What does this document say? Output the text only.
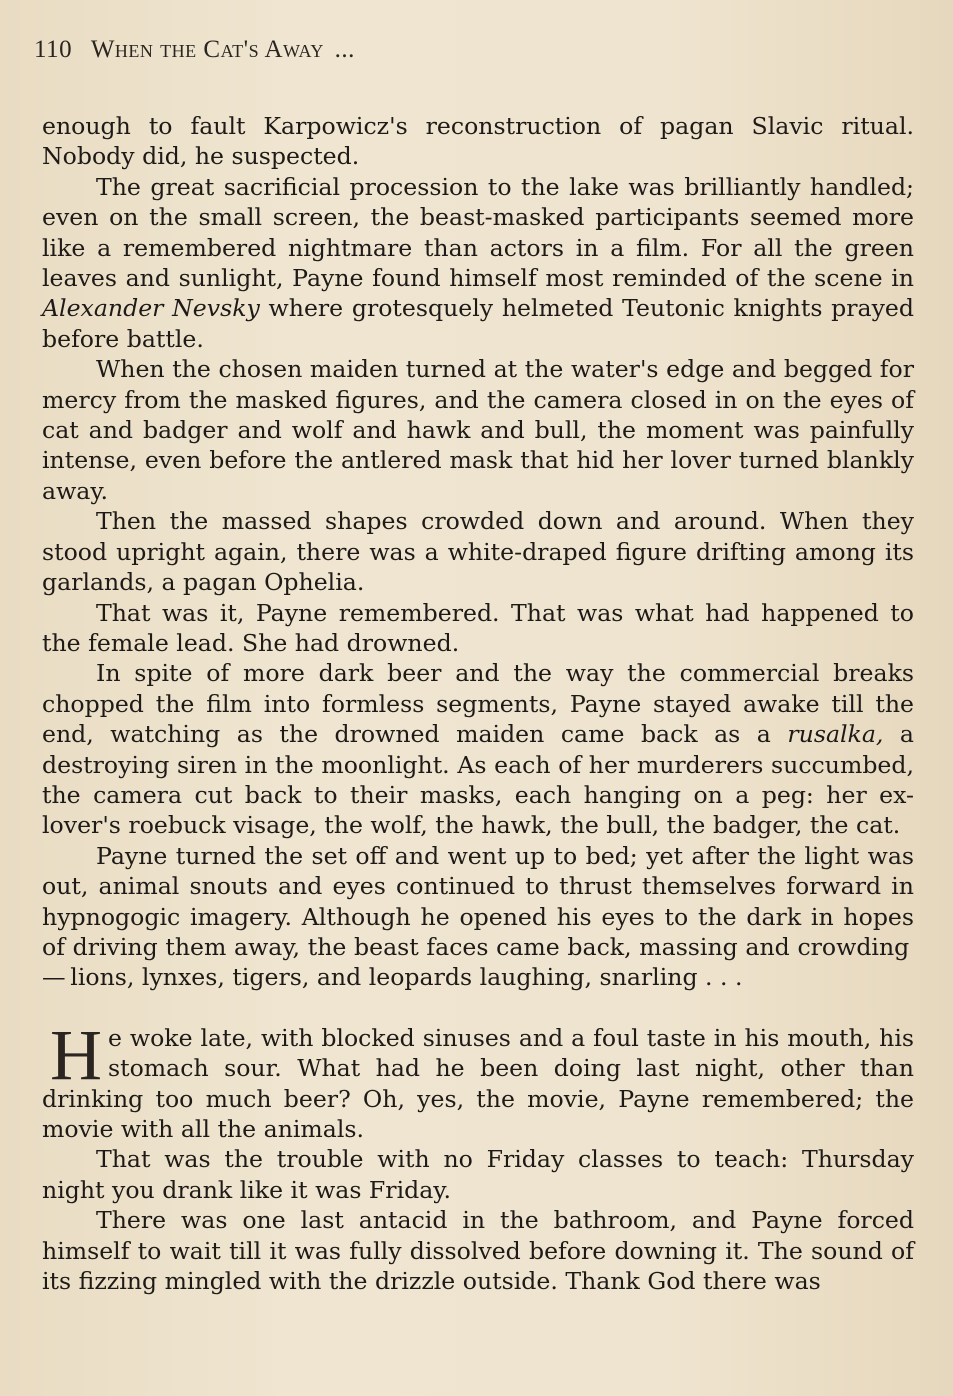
110 When the Cat's Away ...

enough to fault Karpowicz's reconstruction of pagan Slavic ritual. Nobody did, he suspected.

The great sacrificial procession to the lake was brilliantly handled; even on the small screen, the beast-masked participants seemed more like a remembered nightmare than actors in a film. For all the green leaves and sunlight, Payne found himself most reminded of the scene in Alexander Nevsky where grotesquely helmeted Teutonic knights prayed before battle.

When the chosen maiden turned at the water's edge and begged for mercy from the masked figures, and the camera closed in on the eyes of cat and badger and wolf and hawk and bull, the moment was painfully intense, even before the antlered mask that hid her lover turned blankly away.

Then the massed shapes crowded down and around. When they stood upright again, there was a white-draped figure drifting among its garlands, a pagan Ophelia.

That was it, Payne remembered. That was what had happened to the female lead. She had drowned.

In spite of more dark beer and the way the commercial breaks chopped the film into formless segments, Payne stayed awake till the end, watching as the drowned maiden came back as a rusalka, a destroying siren in the moonlight. As each of her murderers succumbed, the camera cut back to their masks, each hanging on a peg: her ex-lover's roebuck visage, the wolf, the hawk, the bull, the badger, the cat.

Payne turned the set off and went up to bed; yet after the light was out, animal snouts and eyes continued to thrust themselves forward in hypnogogic imagery. Although he opened his eyes to the dark in hopes of driving them away, the beast faces came back, massing and crowding — lions, lynxes, tigers, and leopards laughing, snarling . . .

He woke late, with blocked sinuses and a foul taste in his mouth, his stomach sour. What had he been doing last night, other than drinking too much beer? Oh, yes, the movie, Payne remembered; the movie with all the animals.

That was the trouble with no Friday classes to teach: Thursday night you drank like it was Friday.

There was one last antacid in the bathroom, and Payne forced himself to wait till it was fully dissolved before downing it. The sound of its fizzing mingled with the drizzle outside. Thank God there was
